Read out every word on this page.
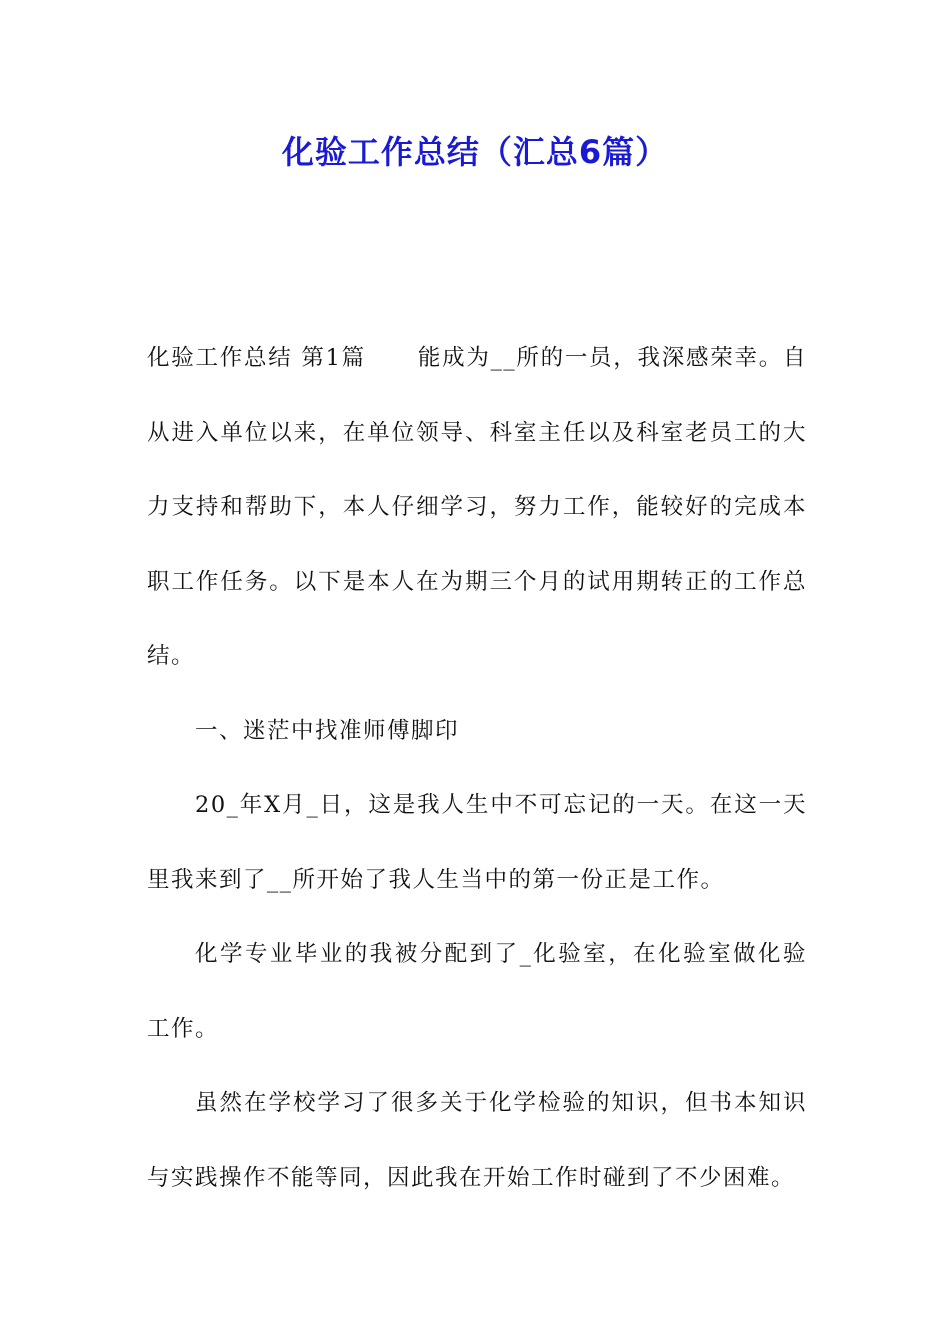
化验工作总结（汇总6篇）

化验工作总结 第1篇 能成为__所的一员，我深感荣幸。自从进入单位以来，在单位领导、科室主任以及科室老员工的大力支持和帮助下，本人仔细学习，努力工作，能较好的完成本职工作任务。以下是本人在为期三个月的试用期转正的工作总结。

一、迷茫中找准师傅脚印

20_年X月_日，这是我人生中不可忘记的一天。在这一天里我来到了__所开始了我人生当中的第一份正是工作。

化学专业毕业的我被分配到了_化验室，在化验室做化验工作。

虽然在学校学习了很多关于化学检验的知识，但书本知识与实践操作不能等同，因此我在开始工作时碰到了不少困难。
